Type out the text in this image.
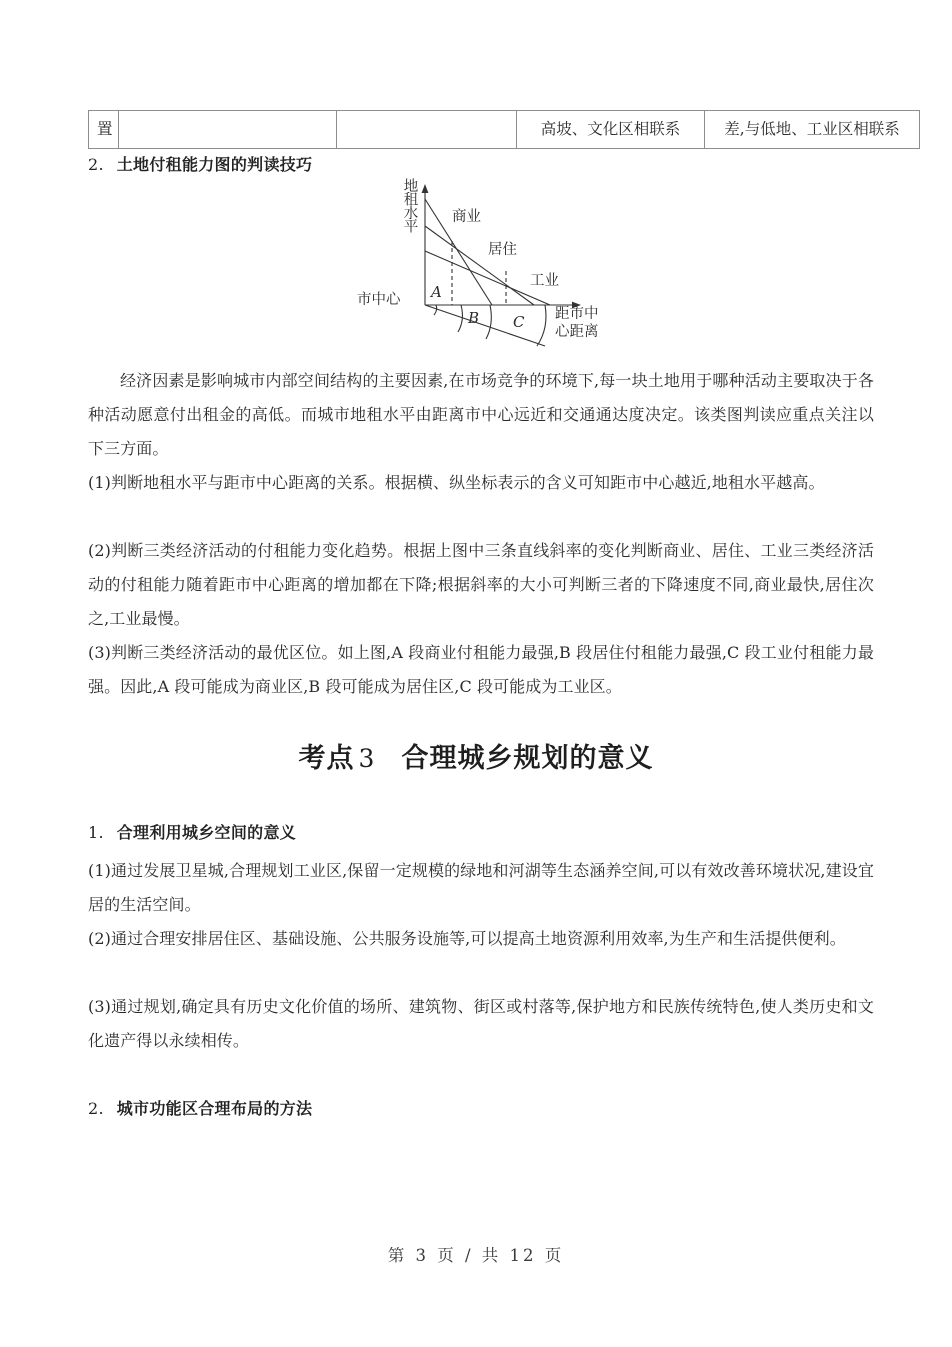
置			高坡、文化区相联系	差,与低地、工业区相联系
2. 土地付租能力图的判读技巧
地租水平 商业
居住
工业
市中心
距市中
心距离
A
B C
经济因素是影响城市内部空间结构的主要因素,在市场竞争的环境下,每一块土地用于哪种活动主要取决于各种活动愿意付出租金的高低。而城市地租水平由距离市中心远近和交通通达度决定。该类图判读应重点关注以下三方面。
(1)判断地租水平与距市中心距离的关系。根据横、纵坐标表示的含义可知距市中心越近,地租水平越高。
(2)判断三类经济活动的付租能力变化趋势。根据上图中三条直线斜率的变化判断商业、居住、工业三类经济活动的付租能力随着距市中心距离的增加都在下降;根据斜率的大小可判断三者的下降速度不同,商业最快,居住次之,工业最慢。
(3)判断三类经济活动的最优区位。如上图,A 段商业付租能力最强,B 段居住付租能力最强,C 段工业付租能力最强。因此,A 段可能成为商业区,B 段可能成为居住区,C 段可能成为工业区。
考点 3 合理城乡规划的意义
1. 合理利用城乡空间的意义
(1)通过发展卫星城,合理规划工业区,保留一定规模的绿地和河湖等生态涵养空间,可以有效改善环境状况,建设宜居的生活空间。
(2)通过合理安排居住区、基础设施、公共服务设施等,可以提高土地资源利用效率,为生产和生活提供便利。
(3)通过规划,确定具有历史文化价值的场所、建筑物、街区或村落等,保护地方和民族传统特色,使人类历史和文化遗产得以永续相传。
2. 城市功能区合理布局的方法
第 3 页 / 共 12 页
